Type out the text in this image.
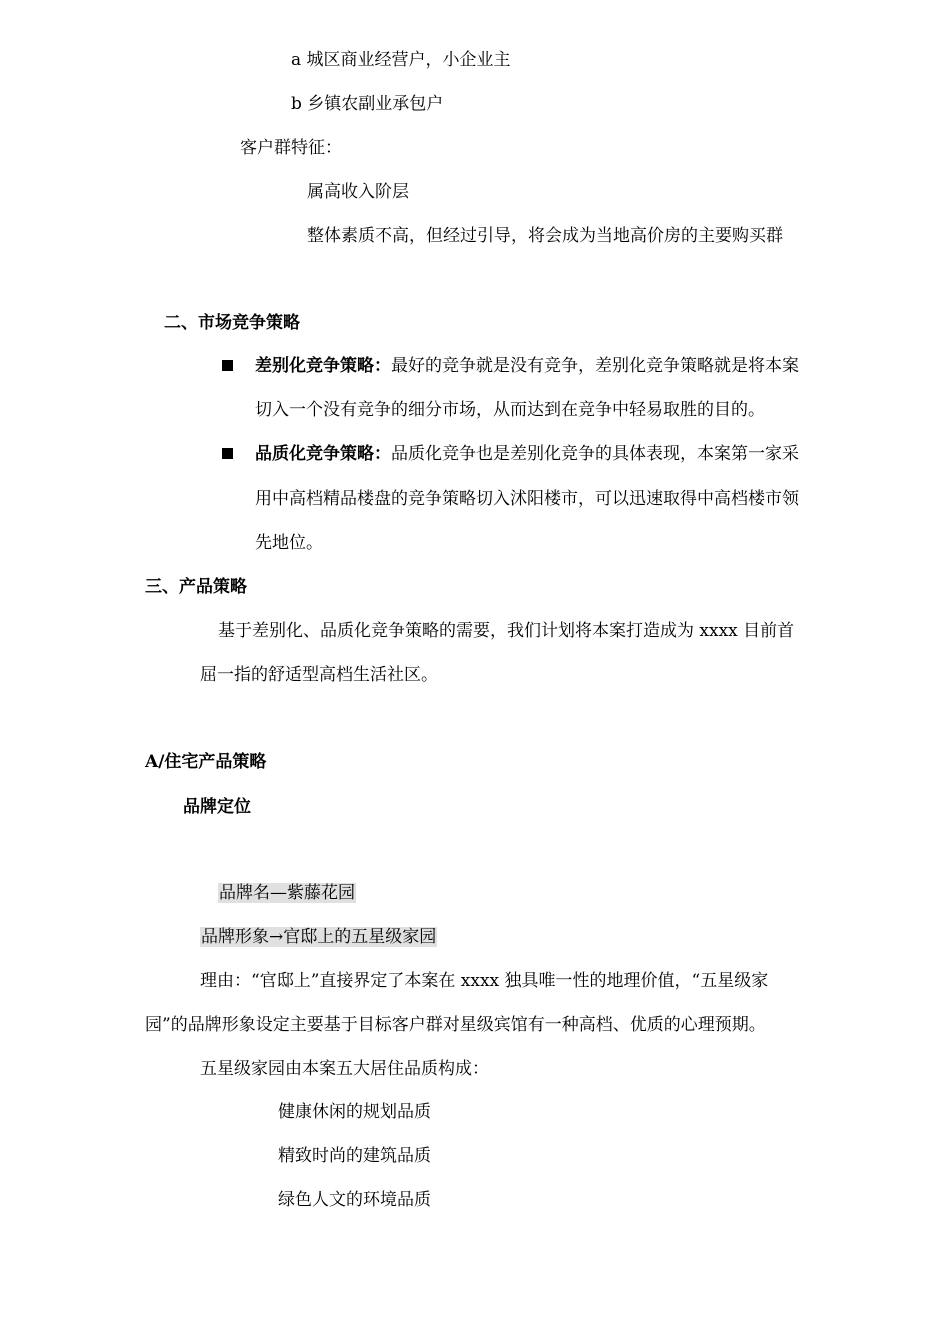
a 城区商业经营户，小企业主
b 乡镇农副业承包户
客户群特征：
属高收入阶层
整体素质不高，但经过引导，将会成为当地高价房的主要购买群
二、市场竞争策略
差别化竞争策略：最好的竞争就是没有竞争，差别化竞争策略就是将本案
切入一个没有竞争的细分市场，从而达到在竞争中轻易取胜的目的。
品质化竞争策略：品质化竞争也是差别化竞争的具体表现，本案第一家采
用中高档精品楼盘的竞争策略切入沭阳楼市，可以迅速取得中高档楼市领
先地位。
三、产品策略
基于差别化、品质化竞争策略的需要，我们计划将本案打造成为 xxxx 目前首
屈一指的舒适型高档生活社区。
A/住宅产品策略
品牌定位
品牌名—紫藤花园
品牌形象→官邸上的五星级家园
理由：“官邸上”直接界定了本案在 xxxx 独具唯一性的地理价值，“五星级家
园”的品牌形象设定主要基于目标客户群对星级宾馆有一种高档、优质的心理预期。
五星级家园由本案五大居住品质构成：
健康休闲的规划品质
精致时尚的建筑品质
绿色人文的环境品质
